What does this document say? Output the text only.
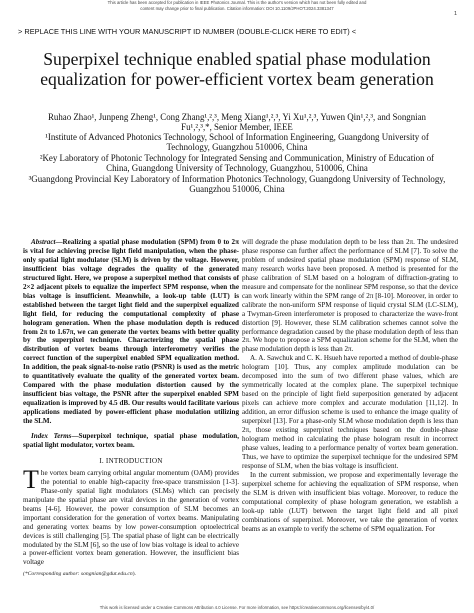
This article has been accepted for publication in IEEE Photonics Journal. This is the author's version which has not been fully edited and
content may change prior to final publication. Citation information: DOI 10.1109/JPHOT.2024.3381347
1
> REPLACE THIS LINE WITH YOUR MANUSCRIPT ID NUMBER (DOUBLE-CLICK HERE TO EDIT) <
Superpixel technique enabled spatial phase modulation equalization for power-efficient vortex beam generation
Ruhao Zhao¹, Junpeng Zheng¹, Cong Zhang¹,²,³, Meng Xiang¹,²,³, Yi Xu¹,²,³, Yuwen Qin¹,²,³, and Songnian Fu¹,²,³,*, Senior Member, IEEE

¹Institute of Advanced Photonics Technology, School of Information Engineering, Guangdong University of Technology, Guangzhou 510006, China

²Key Laboratory of Photonic Technology for Integrated Sensing and Communication, Ministry of Education of China, Guangdong University of Technology, Guangzhou, 510006, China

³Guangdong Provincial Key Laboratory of Information Photonics Technology, Guangdong University of Technology, Guangzhou 510006, China

Abstract—Realizing a spatial phase modulation (SPM) from 0 to 2π is vital for achieving precise light field manipulation, when the phase-only spatial light modulator (SLM) is driven by the voltage. However, insufficient bias voltage degrades the quality of the generated structured light. Here, we propose a superpixel method that consists of 2×2 adjacent pixels to equalize the imperfect SPM response, when the bias voltage is insufficient. Meanwhile, a look-up table (LUT) is established between the target light field and the superpixel equalized light field, for reducing the computational complexity of phase hologram generation. When the phase modulation depth is reduced from 2π to 1.67π, we can generate the vortex beams with better quality by the superpixel technique. Characterizing the spatial phase distribution of vortex beams through interferometry verifies the correct function of the superpixel enabled SPM equalization method. In addition, the peak signal-to-noise ratio (PSNR) is used as the metric to quantitatively evaluate the quality of the generated vortex beam. Compared with the phase modulation distortion caused by the insufficient bias voltage, the PSNR after the superpixel enabled SPM equalization is improved by 4.5 dB. Our results would facilitate various applications mediated by power-efficient phase modulation utilizing the SLM.

Index Terms—Superpixel technique, spatial phase modulation, spatial light modulator, vortex beam.

I. INTRODUCTION

The vortex beam carrying orbital angular momentum (OAM) provides the potential to enable high-capacity free-space transmission [1-3]. Phase-only spatial light modulators (SLMs) which can precisely manipulate the spatial phase are vital devices in the generation of vortex beams [4-6]. However, the power consumption of SLM becomes an important consideration for the generation of vortex beams. Manipulating and generating vortex beams by low power-consumption optoelectrical devices is still challenging [5]. The spatial phase of light can be electrically modulated by the SLM [6], so the use of low bias voltage is ideal to achieve a power-efficient vortex beam generation. However, the insufficient bias voltage

will degrade the phase modulation depth to be less than 2π. The undesired phase response can further affect the performance of SLM [7]. To solve the problem of undesired spatial phase modulation (SPM) response of SLM, many research works have been proposed. A method is presented for the phase calibration of SLM based on a hologram of diffraction-grating to measure and compensate for the nonlinear SPM response, so that the device can work linearly within the SPM range of 2π [8-10]. Moreover, in order to calibrate the non-uniform SPM response of liquid crystal SLM (LC-SLM), a Twyman-Green interferometer is proposed to characterize the wave-front distortion [9]. However, these SLM calibration schemes cannot solve the performance degradation caused by the phase modulation depth of less than 2π. We hope to propose a SPM equalization scheme for the SLM, when the phase modulation depth is less than 2π.

A. A. Sawchuk and C. K. Hsueh have reported a method of double-phase hologram [10]. Thus, any complex amplitude modulation can be decomposed into the sum of two different phase values, which are symmetrically located at the complex plane. The superpixel technique based on the principle of light field superposition generated by adjacent pixels can achieve more complex and accurate modulation [11,12]. In addition, an error diffusion scheme is used to enhance the image quality of superpixel [13]. For a phase-only SLM whose modulation depth is less than 2π, those existing superpixel techniques based on the double-phase hologram method in calculating the phase hologram result in incorrect phase values, leading to a performance penalty of vortex beam generation. Thus, we have to optimize the superpixel technique for the undesired SPM response of SLM, when the bias voltage is insufficient.

In the current submission, we propose and experimentally leverage the superpixel scheme for achieving the equalization of SPM response, when the SLM is driven with insufficient bias voltage. Moreover, to reduce the computational complexity of phase hologram generation, we establish a look-up table (LUT) between the target light field and all pixel combinations of superpixel. Moreover, we take the generation of vortex beams as an example to verify the scheme of SPM equalization. For

(*Corresponding author: songnian@gdut.edu.cn).
This work is licensed under a Creative Commons Attribution 4.0 License. For more information, see https://creativecommons.org/licenses/by/4.0/
